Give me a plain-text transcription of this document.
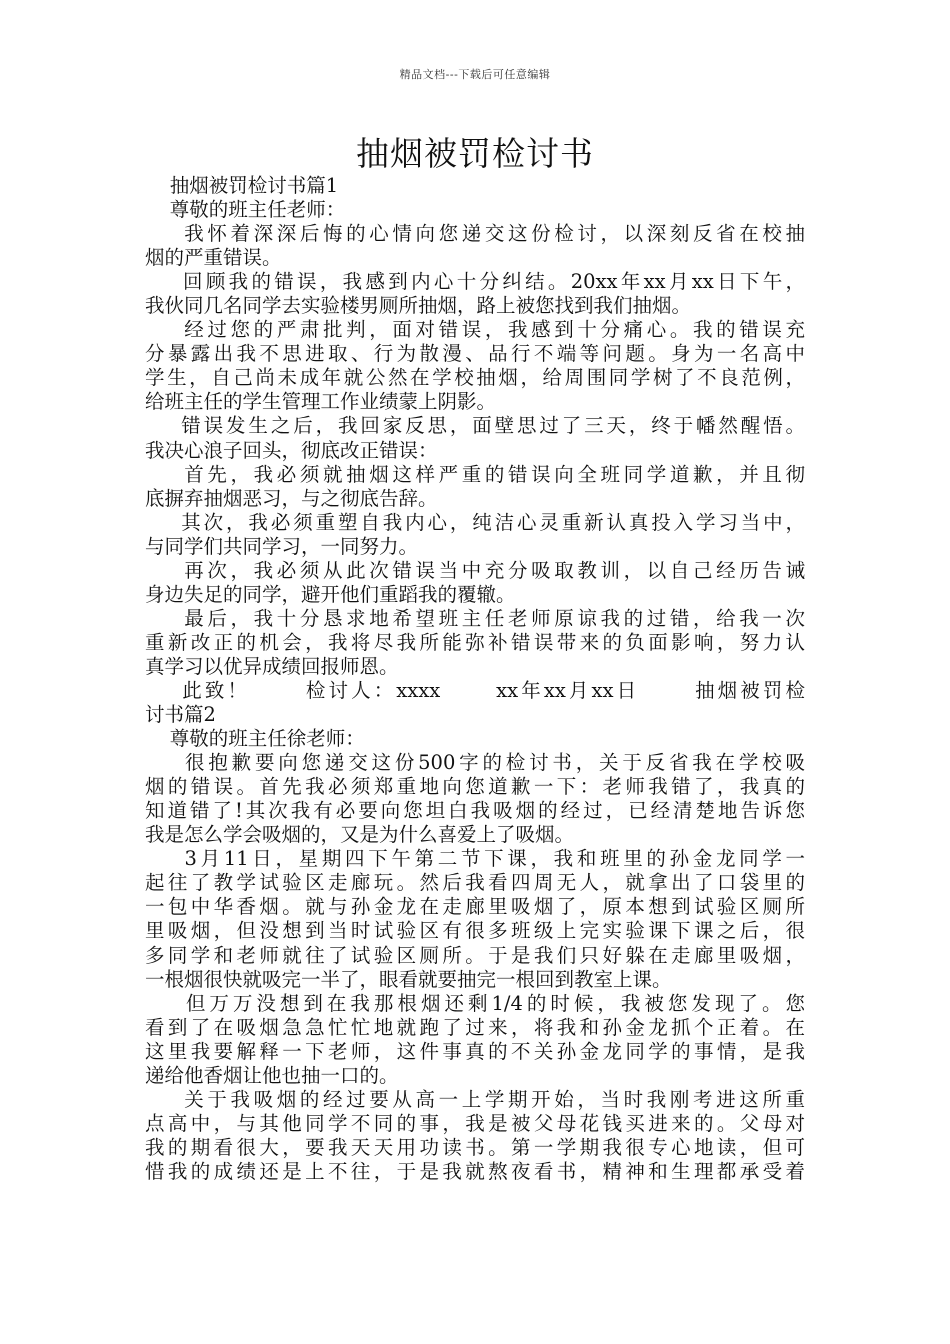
精品文档---下载后可任意编辑
抽烟被罚检讨书
抽烟被罚检讨书篇1
尊敬的班主任老师：
我怀着深深后悔的心情向您递交这份检讨，以深刻反省在校抽
烟的严重错误。
回顾我的错误，我感到内心十分纠结。20xx年xx月xx日下午，
我伙同几名同学去实验楼男厕所抽烟，路上被您找到我们抽烟。
经过您的严肃批判，面对错误，我感到十分痛心。我的错误充
分暴露出我不思进取、行为散漫、品行不端等问题。身为一名高中
学生，自己尚未成年就公然在学校抽烟，给周围同学树了不良范例，
给班主任的学生管理工作业绩蒙上阴影。
错误发生之后，我回家反思，面壁思过了三天，终于幡然醒悟。
我决心浪子回头，彻底改正错误：
首先，我必须就抽烟这样严重的错误向全班同学道歉，并且彻
底摒弃抽烟恶习，与之彻底告辞。
其次，我必须重塑自我内心，纯洁心灵重新认真投入学习当中，
与同学们共同学习，一同努力。
再次，我必须从此次错误当中充分吸取教训，以自己经历告诫
身边失足的同学，避开他们重蹈我的覆辙。
最后，我十分恳求地希望班主任老师原谅我的过错，给我一次
重新改正的机会，我将尽我所能弥补错误带来的负面影响，努力认
真学习以优异成绩回报师恩。
此致！      检讨人：xxxx      xx年xx月xx日      抽烟被罚检
讨书篇2
尊敬的班主任徐老师：
很抱歉要向您递交这份500字的检讨书，关于反省我在学校吸
烟的错误。首先我必须郑重地向您道歉一下：老师我错了，我真的
知道错了!其次我有必要向您坦白我吸烟的经过，已经清楚地告诉您
我是怎么学会吸烟的，又是为什么喜爱上了吸烟。
3月11日，星期四下午第二节下课，我和班里的孙金龙同学一
起往了教学试验区走廊玩。然后我看四周无人，就拿出了口袋里的
一包中华香烟。就与孙金龙在走廊里吸烟了，原本想到试验区厕所
里吸烟，但没想到当时试验区有很多班级上完实验课下课之后，很
多同学和老师就往了试验区厕所。于是我们只好躲在走廊里吸烟，
一根烟很快就吸完一半了，眼看就要抽完一根回到教室上课。
但万万没想到在我那根烟还剩1/4的时候，我被您发现了。您
看到了在吸烟急急忙忙地就跑了过来，将我和孙金龙抓个正着。在
这里我要解释一下老师，这件事真的不关孙金龙同学的事情，是我
递给他香烟让他也抽一口的。
关于我吸烟的经过要从高一上学期开始，当时我刚考进这所重
点高中，与其他同学不同的事，我是被父母花钱买进来的。父母对
我的期看很大，要我天天用功读书。第一学期我很专心地读，但可
惜我的成绩还是上不往，于是我就熬夜看书，精神和生理都承受着
